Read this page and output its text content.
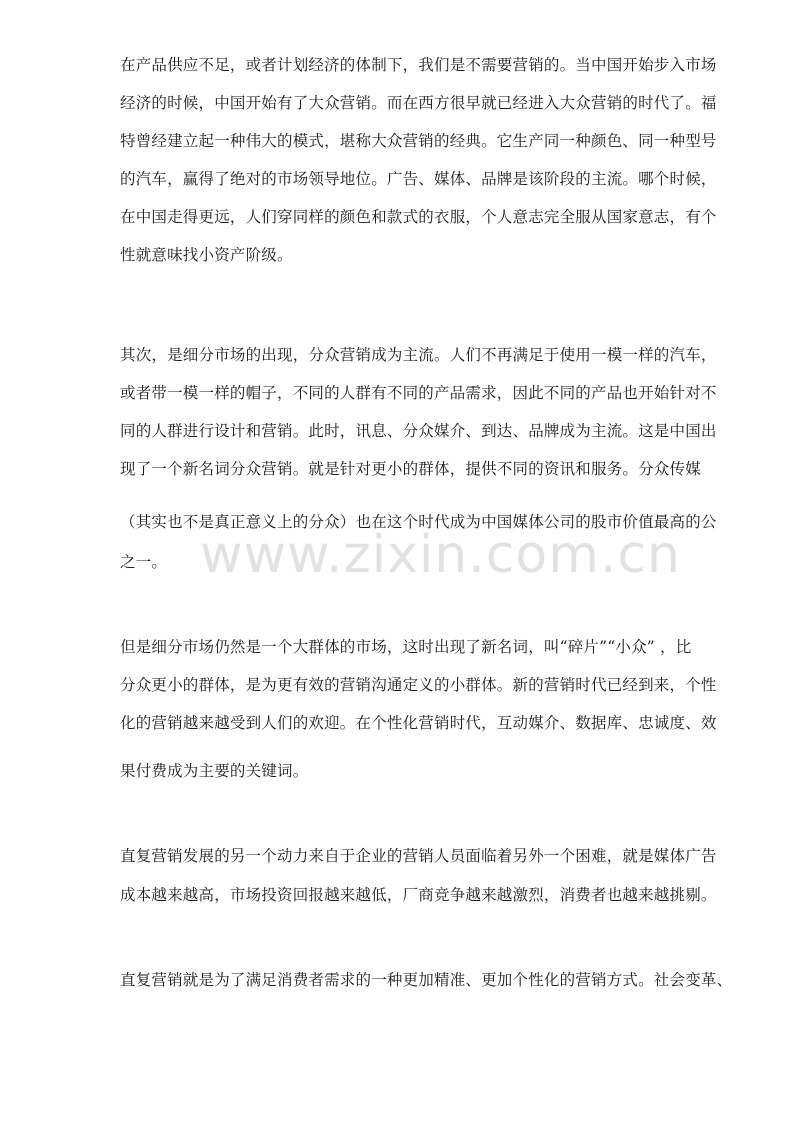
www.zixin.com.cn
在产品供应不足，或者计划经济的体制下，我们是不需要营销的。当中国开始步入市场
经济的时候，中国开始有了大众营销。而在西方很早就已经进入大众营销的时代了。福
特曾经建立起一种伟大的模式，堪称大众营销的经典。它生产同一种颜色、同一种型号
的汽车，赢得了绝对的市场领导地位。广告、媒体、品牌是该阶段的主流。哪个时候，
在中国走得更远，人们穿同样的颜色和款式的衣服，个人意志完全服从国家意志，有个
性就意味找小资产阶级。
其次，是细分市场的出现，分众营销成为主流。人们不再满足于使用一模一样的汽车，
或者带一模一样的帽子，不同的人群有不同的产品需求，因此不同的产品也开始针对不
同的人群进行设计和营销。此时，讯息、分众媒介、到达、品牌成为主流。这是中国出
现了一个新名词分众营销。就是针对更小的群体，提供不同的资讯和服务。分众传媒
（其实也不是真正意义上的分众）也在这个时代成为中国媒体公司的股市价值最高的公
之一。
但是细分市场仍然是一个大群体的市场，这时出现了新名词，叫“碎片”“小众” ，比
分众更小的群体，是为更有效的营销沟通定义的小群体。新的营销时代已经到来，个性
化的营销越来越受到人们的欢迎。在个性化营销时代，互动媒介、数据库、忠诚度、效
果付费成为主要的关键词。
直复营销发展的另一个动力来自于企业的营销人员面临着另外一个困难，就是媒体广告
成本越来越高，市场投资回报越来越低，厂商竞争越来越激烈，消费者也越来越挑剔。
直复营销就是为了满足消费者需求的一种更加精准、更加个性化的营销方式。社会变革、
